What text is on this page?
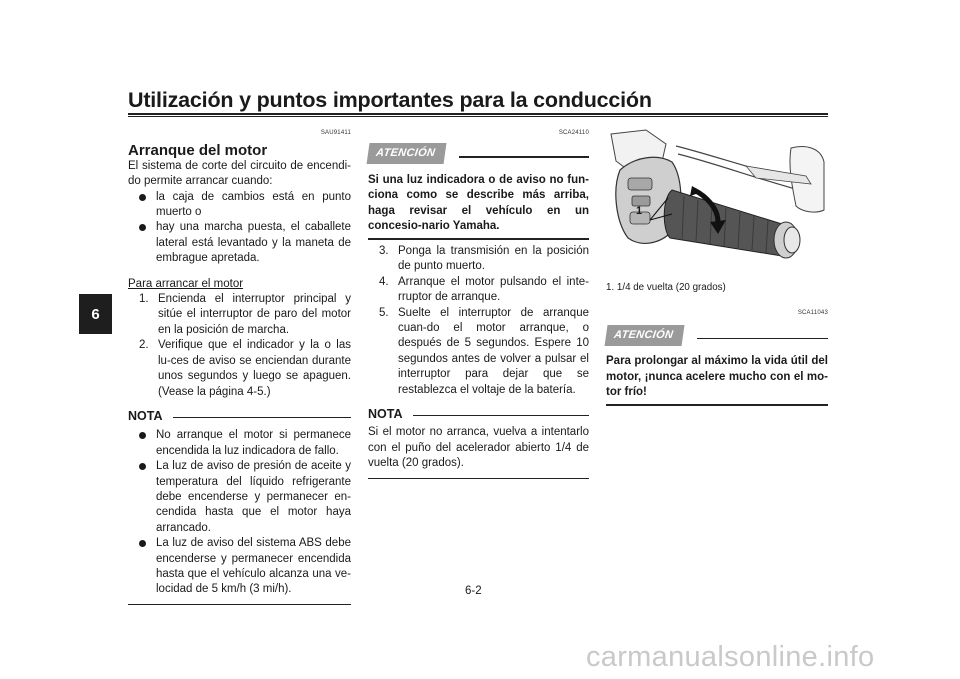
Utilización y puntos importantes para la conducción
6
SAU91411
Arranque del motor

El sistema de corte del circuito de encendi-do permite arrancar cuando:

la caja de cambios está en punto muerto o
hay una marcha puesta, el caballete lateral está levantado y la maneta de embrague apretada.
Para arrancar el motor
1. Encienda el interruptor principal y sitúe el interruptor de paro del motor en la posición de marcha.
2. Verifique que el indicador y la o las lu-ces de aviso se enciendan durante unos segundos y luego se apaguen. (Vease la página 4-5.)
NOTA
No arranque el motor si permanece encendida la luz indicadora de fallo.
La luz de aviso de presión de aceite y temperatura del líquido refrigerante debe encenderse y permanecer en-cendida hasta que el motor haya arrancado.
La luz de aviso del sistema ABS debe encenderse y permanecer encendida hasta que el vehículo alcanza una ve-locidad de 5 km/h (3 mi/h).
SCA24110
ATENCIÓN
Si una luz indicadora o de aviso no fun-ciona como se describe más arriba, haga revisar el vehículo en un concesio-nario Yamaha.
3. Ponga la transmisión en la posición de punto muerto.
4. Arranque el motor pulsando el inte-rruptor de arranque.
5. Suelte el interruptor de arranque cuan-do el motor arranque, o después de 5 segundos. Espere 10 segundos antes de volver a pulsar el interruptor para dejar que se restablezca el voltaje de la batería.
NOTA

Si el motor no arranca, vuelva a intentarlo con el puño del acelerador abierto 1/4 de vuelta (20 grados).

1
1. 1/4 de vuelta (20 grados)
SCA11043
ATENCIÓN
Para prolongar al máximo la vida útil del motor, ¡nunca acelere mucho con el mo-tor frío!
6-2
carmanualsonline.info
